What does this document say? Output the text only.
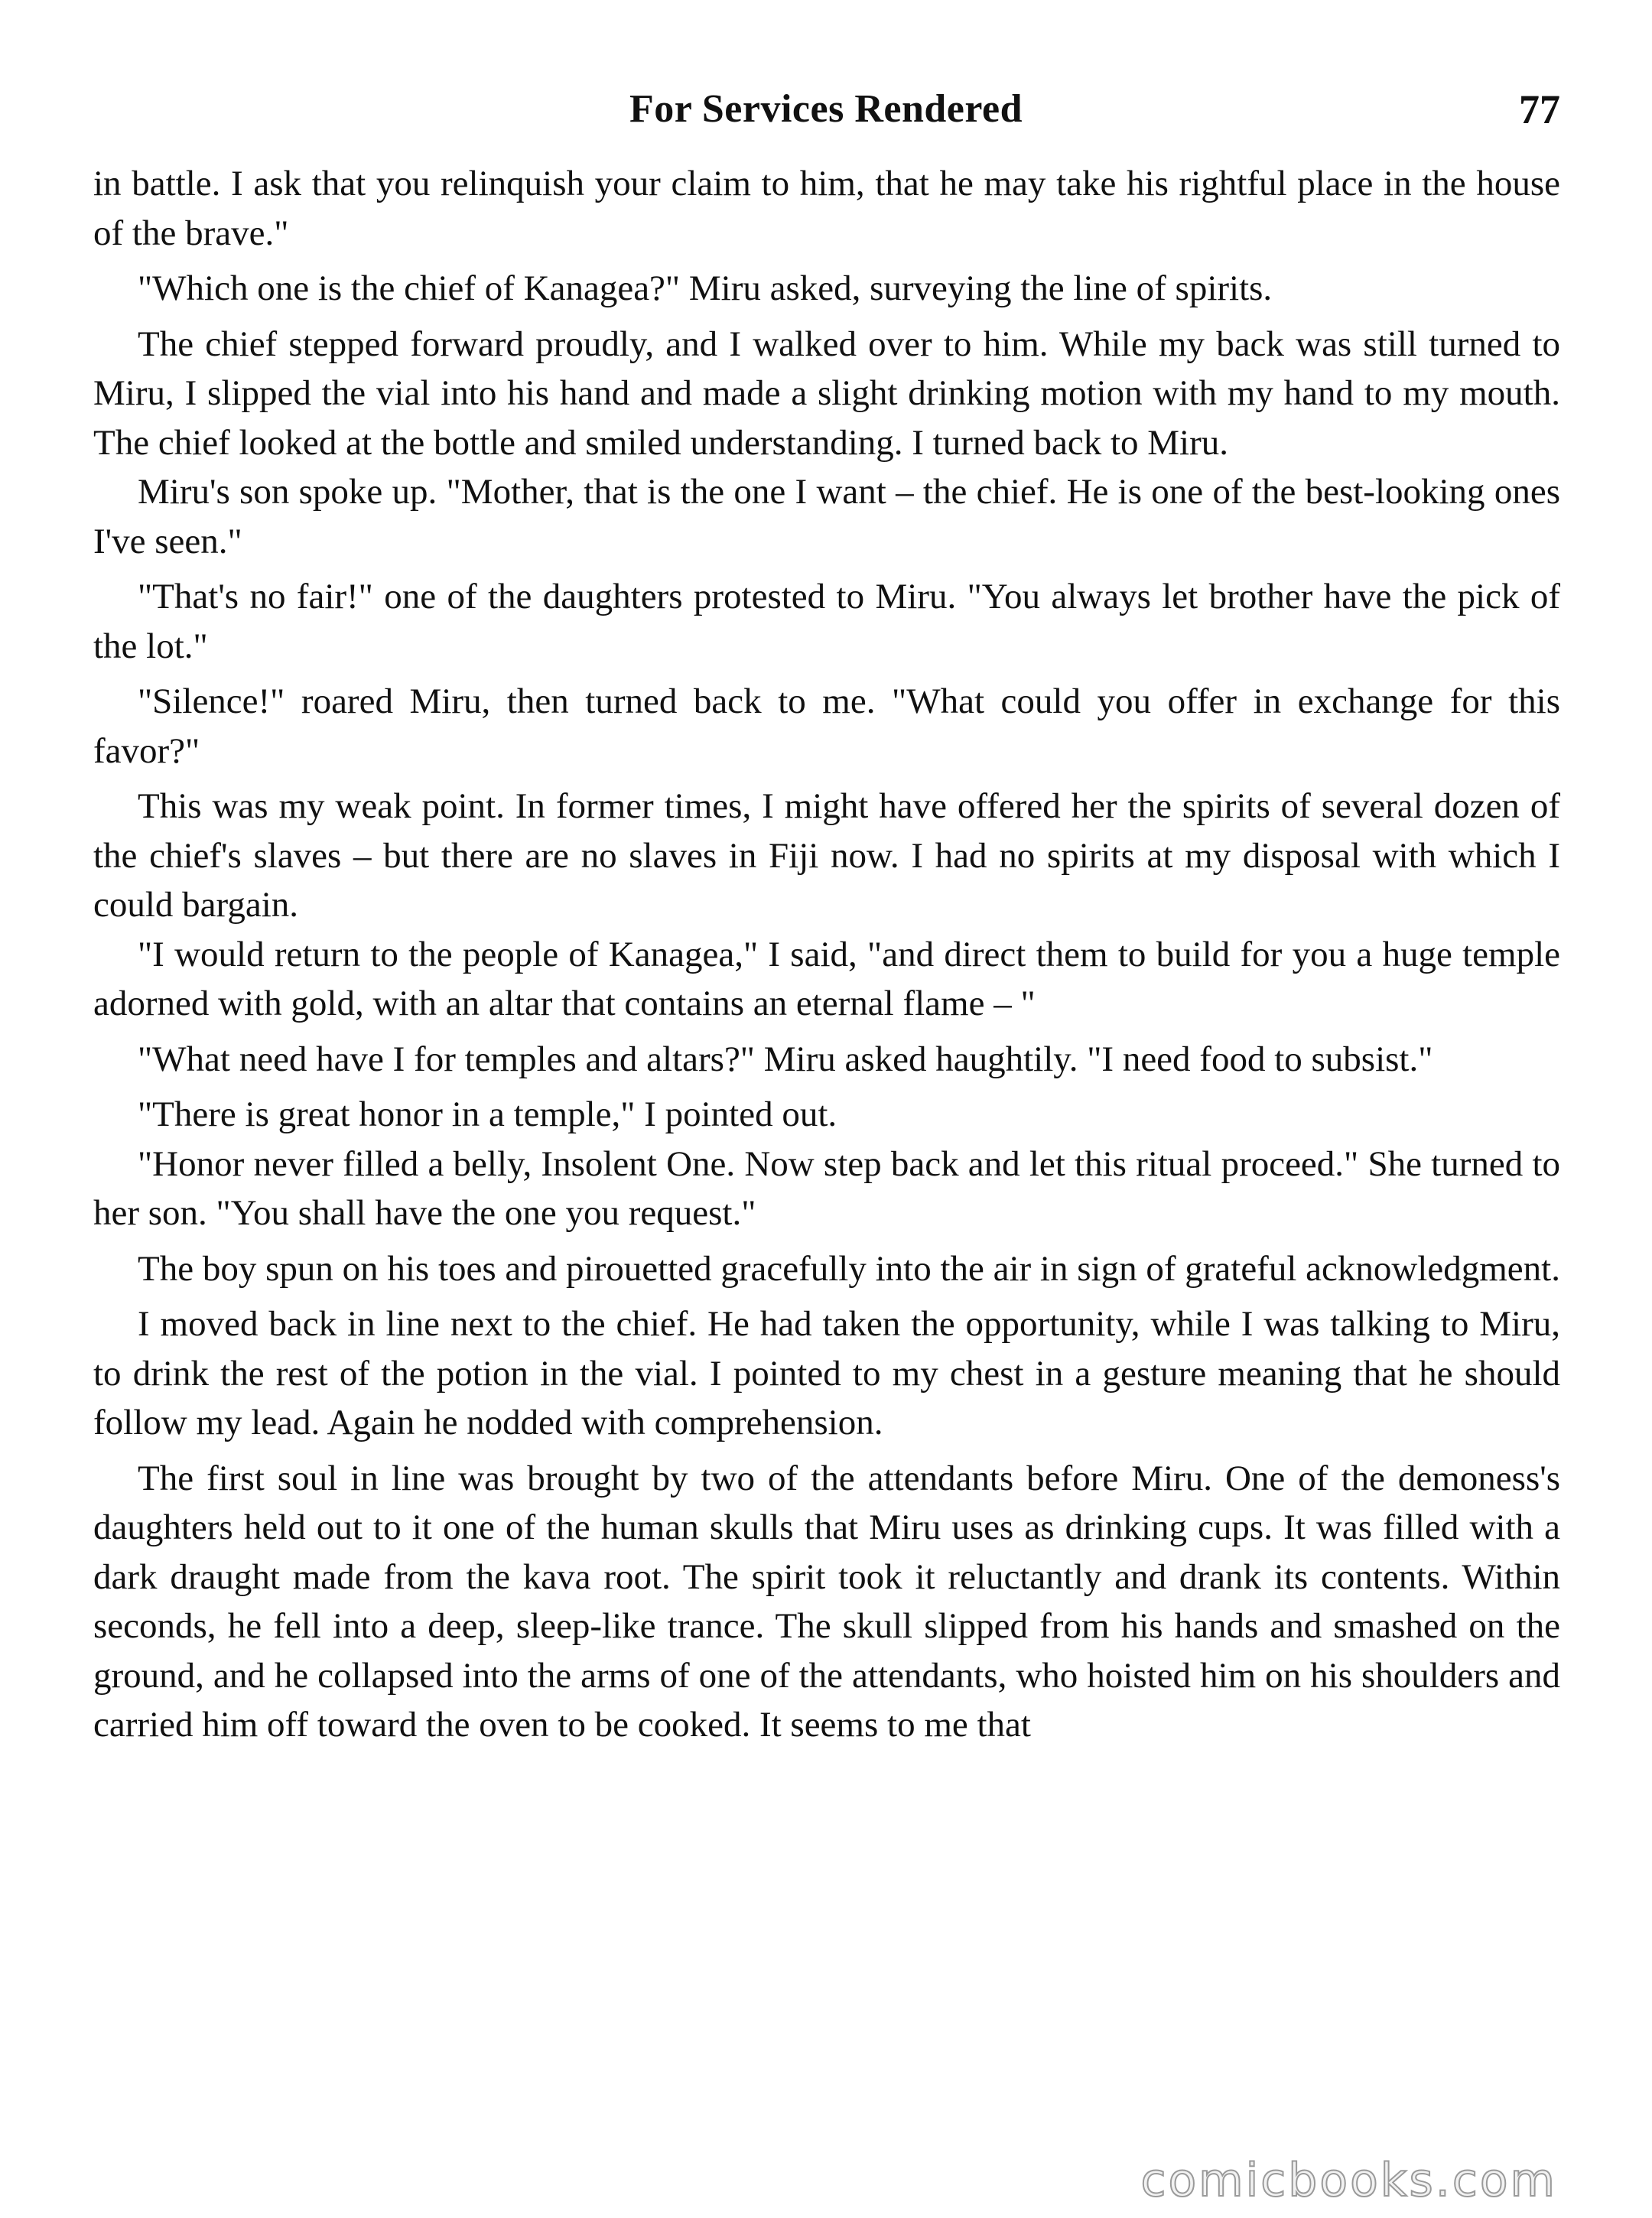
For Services Rendered	77

in battle. I ask that you relinquish your claim to him, that he may take his rightful place in the house of the brave."

"Which one is the chief of Kanagea?" Miru asked, surveying the line of spirits.

The chief stepped forward proudly, and I walked over to him. While my back was still turned to Miru, I slipped the vial into his hand and made a slight drinking motion with my hand to my mouth. The chief looked at the bottle and smiled understanding. I turned back to Miru.

Miru's son spoke up. "Mother, that is the one I want – the chief. He is one of the best-looking ones I've seen."

"That's no fair!" one of the daughters protested to Miru. "You always let brother have the pick of the lot."

"Silence!" roared Miru, then turned back to me. "What could you offer in exchange for this favor?"

This was my weak point. In former times, I might have offered her the spirits of several dozen of the chief's slaves – but there are no slaves in Fiji now. I had no spirits at my disposal with which I could bargain.

"I would return to the people of Kanagea," I said, "and direct them to build for you a huge temple adorned with gold, with an altar that contains an eternal flame – "

"What need have I for temples and altars?" Miru asked haughtily. "I need food to subsist."

"There is great honor in a temple," I pointed out.

"Honor never filled a belly, Insolent One. Now step back and let this ritual proceed." She turned to her son. "You shall have the one you request."

The boy spun on his toes and pirouetted gracefully into the air in sign of grateful acknowledgment.

I moved back in line next to the chief. He had taken the opportunity, while I was talking to Miru, to drink the rest of the potion in the vial. I pointed to my chest in a gesture meaning that he should follow my lead. Again he nodded with comprehension.

The first soul in line was brought by two of the attendants before Miru. One of the demoness's daughters held out to it one of the human skulls that Miru uses as drinking cups. It was filled with a dark draught made from the kava root. The spirit took it reluctantly and drank its contents. Within seconds, he fell into a deep, sleep-like trance. The skull slipped from his hands and smashed on the ground, and he collapsed into the arms of one of the attendants, who hoisted him on his shoulders and carried him off toward the oven to be cooked. It seems to me that

comicbooks.com
